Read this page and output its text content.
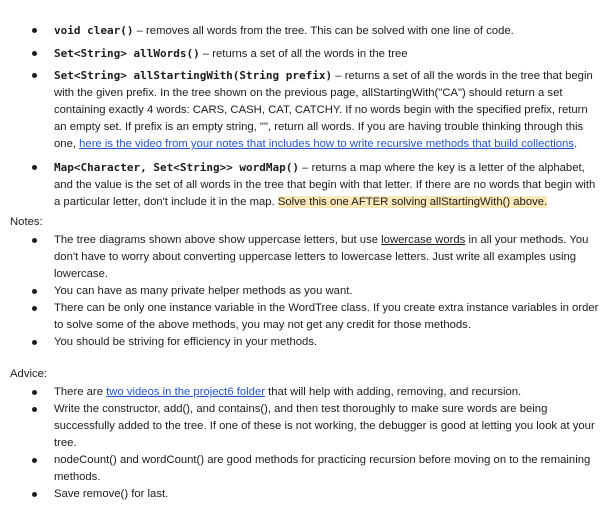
void clear() – removes all words from the tree. This can be solved with one line of code.
Set<String> allWords() – returns a set of all the words in the tree
Set<String> allStartingWith(String prefix) – returns a set of all the words in the tree that begin with the given prefix. In the tree shown on the previous page, allStartingWith("CA") should return a set containing exactly 4 words: CARS, CASH, CAT, CATCHY. If no words begin with the specified prefix, return an empty set. If prefix is an empty string, "", return all words. If you are having trouble thinking through this one, here is the video from your notes that includes how to write recursive methods that build collections.
Map<Character, Set<String>> wordMap() – returns a map where the key is a letter of the alphabet, and the value is the set of all words in the tree that begin with that letter. If there are no words that begin with a particular letter, don't include it in the map. Solve this one AFTER solving allStartingWith() above.
Notes:
The tree diagrams shown above show uppercase letters, but use lowercase words in all your methods. You don't have to worry about converting uppercase letters to lowercase letters. Just write all examples using lowercase.
You can have as many private helper methods as you want.
There can be only one instance variable in the WordTree class. If you create extra instance variables in order to solve some of the above methods, you may not get any credit for those methods.
You should be striving for efficiency in your methods.
Advice:
There are two videos in the project6 folder that will help with adding, removing, and recursion.
Write the constructor, add(), and contains(), and then test thoroughly to make sure words are being successfully added to the tree. If one of these is not working, the debugger is good at letting you look at your tree.
nodeCount() and wordCount() are good methods for practicing recursion before moving on to the remaining methods.
Save remove() for last.
